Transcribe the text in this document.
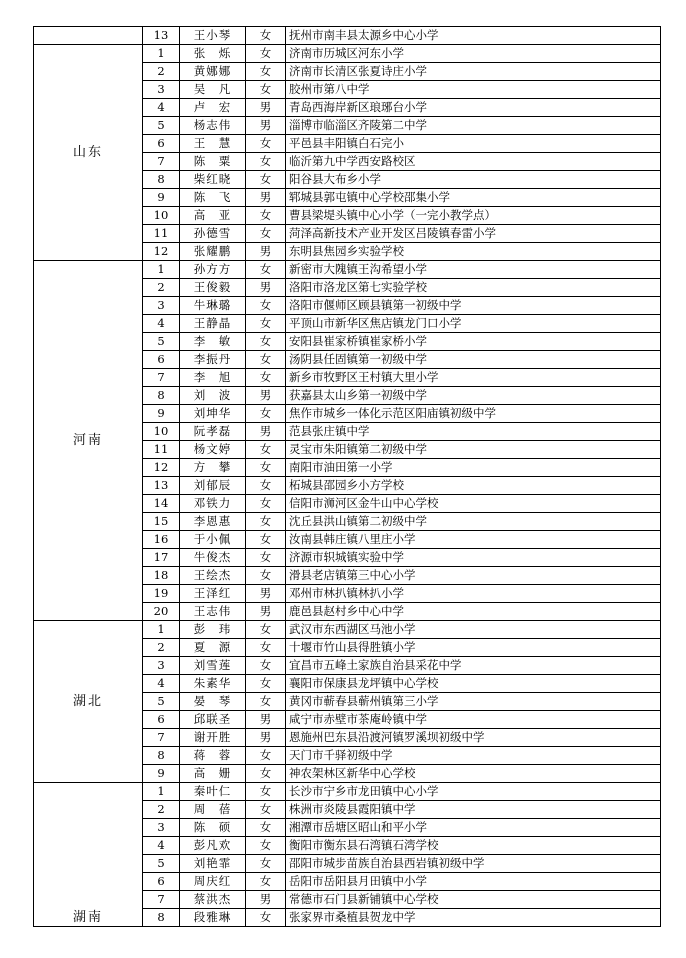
	13	王小琴	女	抚州市南丰县太源乡中心小学
山东	1	张　烁	女	济南市历城区河东小学
	2	黄娜娜	女	济南市长清区张夏诗庄小学
	3	吴　凡	女	胶州市第八中学
	4	卢　宏	男	青岛西海岸新区琅琊台小学
	5	杨志伟	男	淄博市临淄区齐陵第二中学
	6	王　慧	女	平邑县丰阳镇白石完小
	7	陈　粟	女	临沂第九中学西安路校区
	8	柴红晓	女	阳谷县大布乡小学
	9	陈　飞	男	郓城县郭屯镇中心学校邵集小学
	10	高　亚	女	曹县梁堤头镇中心小学（一完小教学点）
	11	孙德雪	女	菏泽高新技术产业开发区吕陵镇春雷小学
	12	张耀鹏	男	东明县焦园乡实验学校
河南	1	孙方方	女	新密市大隗镇王沟希望小学
	2	王俊毅	男	洛阳市洛龙区第七实验学校
	3	牛琳璐	女	洛阳市偃师区顾县镇第一初级中学
	4	王静晶	女	平顶山市新华区焦店镇龙门口小学
	5	李　敏	女	安阳县崔家桥镇崔家桥小学
	6	李振丹	女	汤阴县任固镇第一初级中学
	7	李　旭	女	新乡市牧野区王村镇大里小学
	8	刘　波	男	获嘉县太山乡第一初级中学
	9	刘坤华	女	焦作市城乡一体化示范区阳庙镇初级中学
	10	阮孝磊	男	范县张庄镇中学
	11	杨文婷	女	灵宝市朱阳镇第二初级中学
	12	方　攀	女	南阳市油田第一小学
	13	刘郁辰	女	柘城县邵园乡小方学校
	14	邓铁力	女	信阳市浉河区金牛山中心学校
	15	李恩惠	女	沈丘县洪山镇第二初级中学
	16	于小佩	女	汝南县韩庄镇八里庄小学
	17	牛俊杰	女	济源市轵城镇实验中学
	18	王绘杰	女	滑县老店镇第三中心小学
	19	王泽红	男	邓州市林扒镇林扒小学
	20	王志伟	男	鹿邑县赵村乡中心中学
湖北	1	彭　玮	女	武汉市东西湖区马池小学
	2	夏　源	女	十堰市竹山县得胜镇小学
	3	刘雪莲	女	宜昌市五峰土家族自治县采花中学
	4	朱素华	女	襄阳市保康县龙坪镇中心学校
	5	晏　琴	女	黄冈市蕲春县蕲州镇第三小学
	6	邱联圣	男	咸宁市赤壁市茶庵岭镇中学
	7	谢开胜	男	恩施州巴东县沿渡河镇罗溪坝初级中学
	8	蒋　蓉	女	天门市千驿初级中学
	9	高　姗	女	神农架林区新华中心学校
湖南	1	秦叶仁	女	长沙市宁乡市龙田镇中心小学
	2	周　蓓	女	株洲市炎陵县霞阳镇中学
	3	陈　硕	女	湘潭市岳塘区昭山和平小学
	4	彭凡欢	女	衡阳市衡东县石湾镇石湾学校
	5	刘艳霏	女	邵阳市城步苗族自治县西岩镇初级中学
	6	周庆红	女	岳阳市岳阳县月田镇中小学
	7	蔡洪杰	男	常德市石门县新铺镇中心学校
	8	段雅琳	女	张家界市桑植县贺龙中学
